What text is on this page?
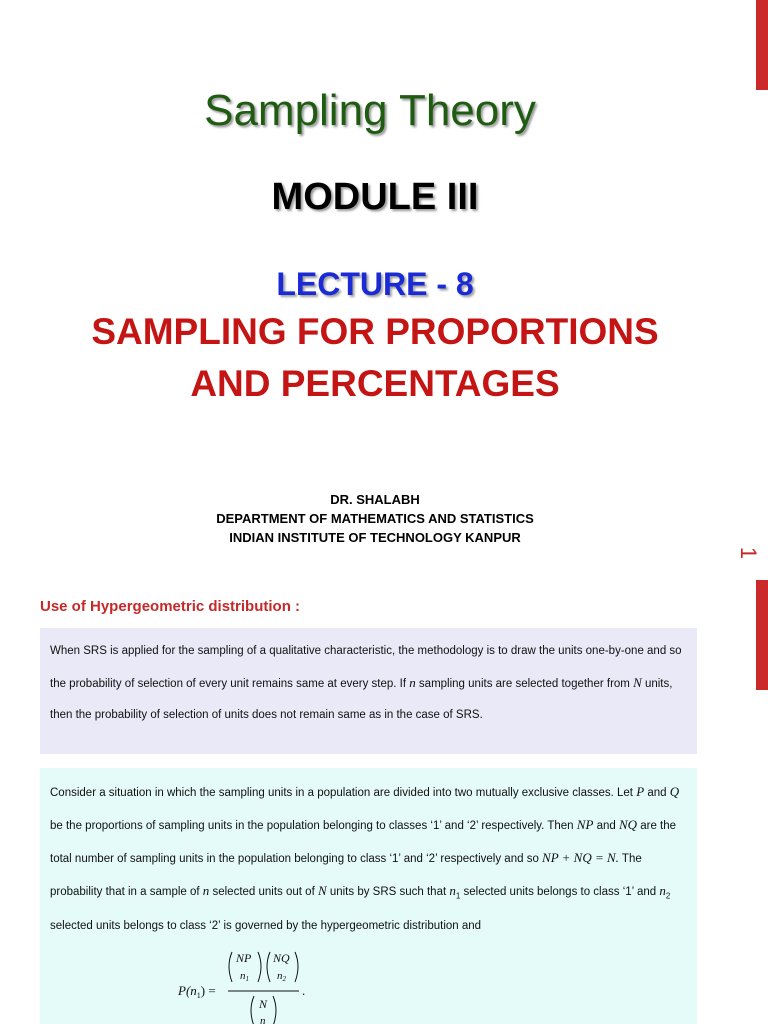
Sampling Theory
MODULE III
LECTURE - 8
SAMPLING FOR PROPORTIONS
AND PERCENTAGES
DR. SHALABH
DEPARTMENT OF MATHEMATICS AND STATISTICS
INDIAN INSTITUTE OF TECHNOLOGY KANPUR
1
Use of Hypergeometric distribution :

When SRS is applied for the sampling of a qualitative characteristic, the methodology is to draw the units one-by-one and so the probability of selection of every unit remains same at every step. If n sampling units are selected together from N units, then the probability of selection of units does not remain same as in the case of SRS.

Consider a situation in which the sampling units in a population are divided into two mutually exclusive classes. Let P and Q be the proportions of sampling units in the population belonging to classes ‘1’ and ‘2’ respectively. Then NP and NQ are the total number of sampling units in the population belonging to class ‘1’ and ‘2’ respectively and so NP + NQ = N. The probability that in a sample of n selected units out of N units by SRS such that $n_1$ selected units belongs to class ‘1’ and $n_2$ selected units belongs to class ‘2’ is governed by the hypergeometric distribution and

$P(n_1)$ =
NP
n1
NQ
n2
.
N
n
